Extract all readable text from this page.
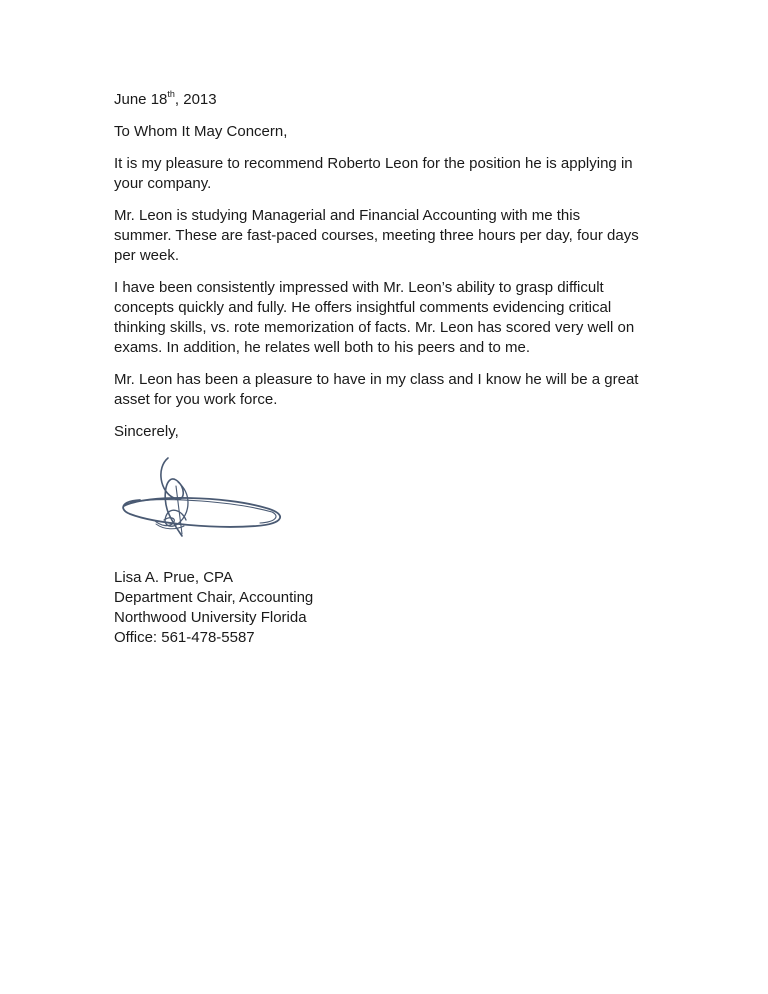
June 18th, 2013
To Whom It May Concern,
It is my pleasure to recommend Roberto Leon for the position he is applying in
your company.
Mr. Leon is studying Managerial and Financial Accounting with me this
summer. These are fast-paced courses, meeting three hours per day, four days
per week.
I have been consistently impressed with Mr. Leon’s ability to grasp difficult
concepts quickly and fully. He offers insightful comments evidencing critical
thinking skills, vs. rote memorization of facts. Mr. Leon has scored very well on
exams. In addition, he relates well both to his peers and to me.
Mr. Leon has been a pleasure to have in my class and I know he will be a great
asset for you work force.
Sincerely,
Lisa A. Prue, CPA
Department Chair, Accounting
Northwood University Florida
Office: 561-478-5587
